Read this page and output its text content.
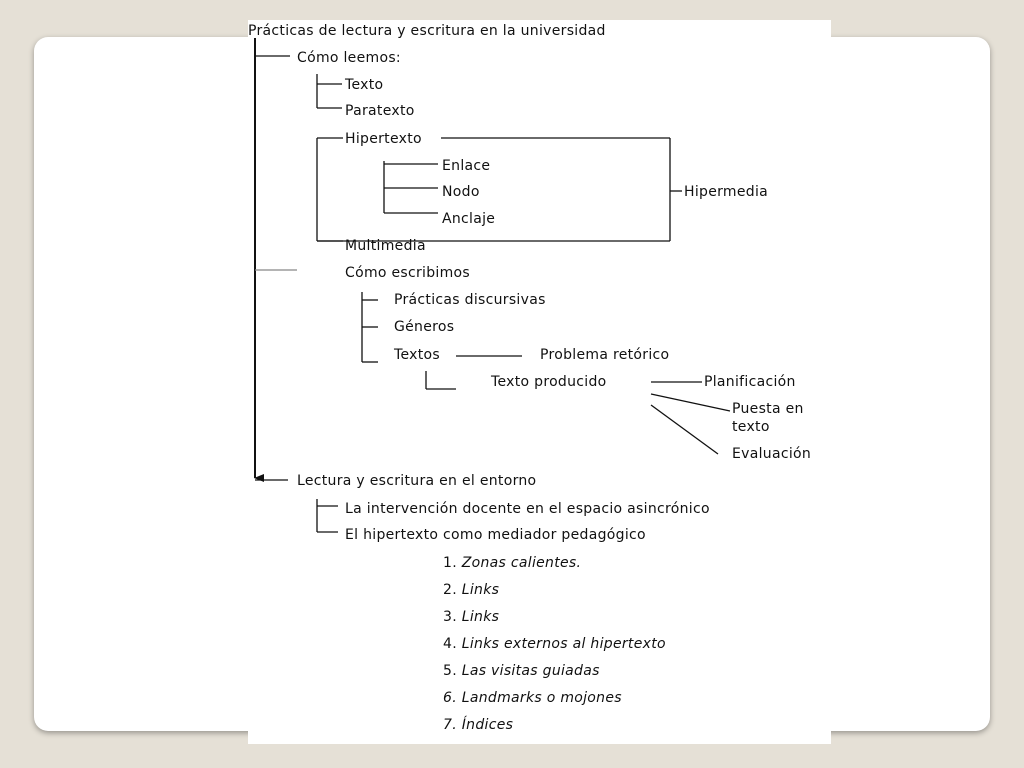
Prácticas de lectura y escritura en la universidad
Cómo leemos:
Texto
Paratexto
Hipertexto
Enlace
Nodo
Anclaje
Hipermedia
Multimedia
Cómo escribimos
Prácticas discursivas
Géneros
Textos	Problema retórico
Texto producido	Planificación
Puesta en
texto
Evaluación
Lectura y escritura en el entorno
La intervención docente en el espacio asincrónico
El hipertexto como mediador pedagógico
1. Zonas calientes.
2. Links
3. Links
4. Links externos al hipertexto
5. Las visitas guiadas
6. Landmarks o mojones
7. Índices
